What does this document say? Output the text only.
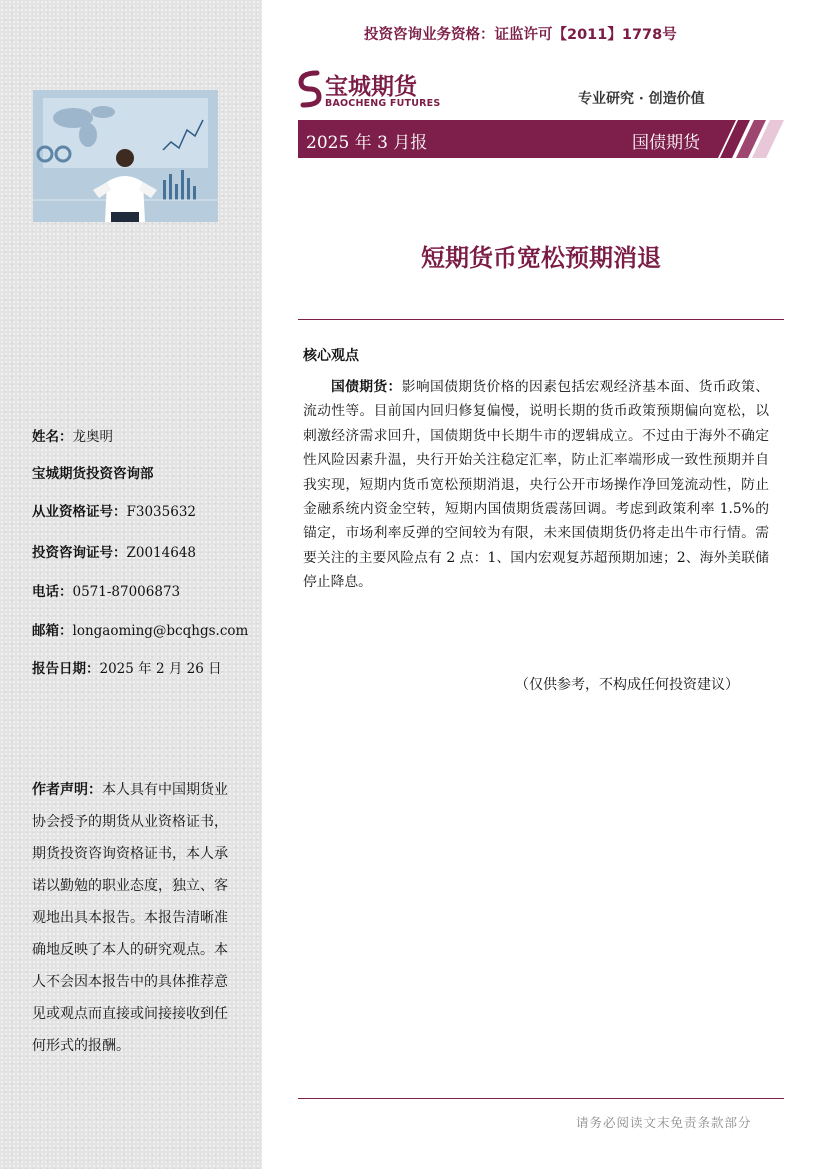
姓名：龙奥明
宝城期货投资咨询部
从业资格证号：F3035632
投资咨询证号：Z0014648
电话：0571-87006873
邮箱：longaoming@bcqhgs.com
报告日期：2025 年 2 月 26 日
作者声明：本人具有中国期货业协会授予的期货从业资格证书，期货投资咨询资格证书，本人承诺以勤勉的职业态度，独立、客观地出具本报告。本报告清晰准确地反映了本人的研究观点。本人不会因本报告中的具体推荐意见或观点而直接或间接接收到任何形式的报酬。
投资咨询业务资格：证监许可【2011】1778号
宝城期货
BAOCHENG FUTURES	专业研究 · 创造价值
2025 年 3 月报	国债期货
短期货币宽松预期消退
核心观点

国债期货：影响国债期货价格的因素包括宏观经济基本面、货币政策、流动性等。目前国内回归修复偏慢，说明长期的货币政策预期偏向宽松，以刺激经济需求回升，国债期货中长期牛市的逻辑成立。不过由于海外不确定性风险因素升温，央行开始关注稳定汇率，防止汇率端形成一致性预期并自我实现，短期内货币宽松预期消退，央行公开市场操作净回笼流动性，防止金融系统内资金空转，短期内国债期货震荡回调。考虑到政策利率 1.5%的锚定，市场利率反弹的空间较为有限，未来国债期货仍将走出牛市行情。需要关注的主要风险点有 2 点：1、国内宏观复苏超预期加速；2、海外美联储停止降息。

（仅供参考，不构成任何投资建议）
请务必阅读文末免责条款部分
